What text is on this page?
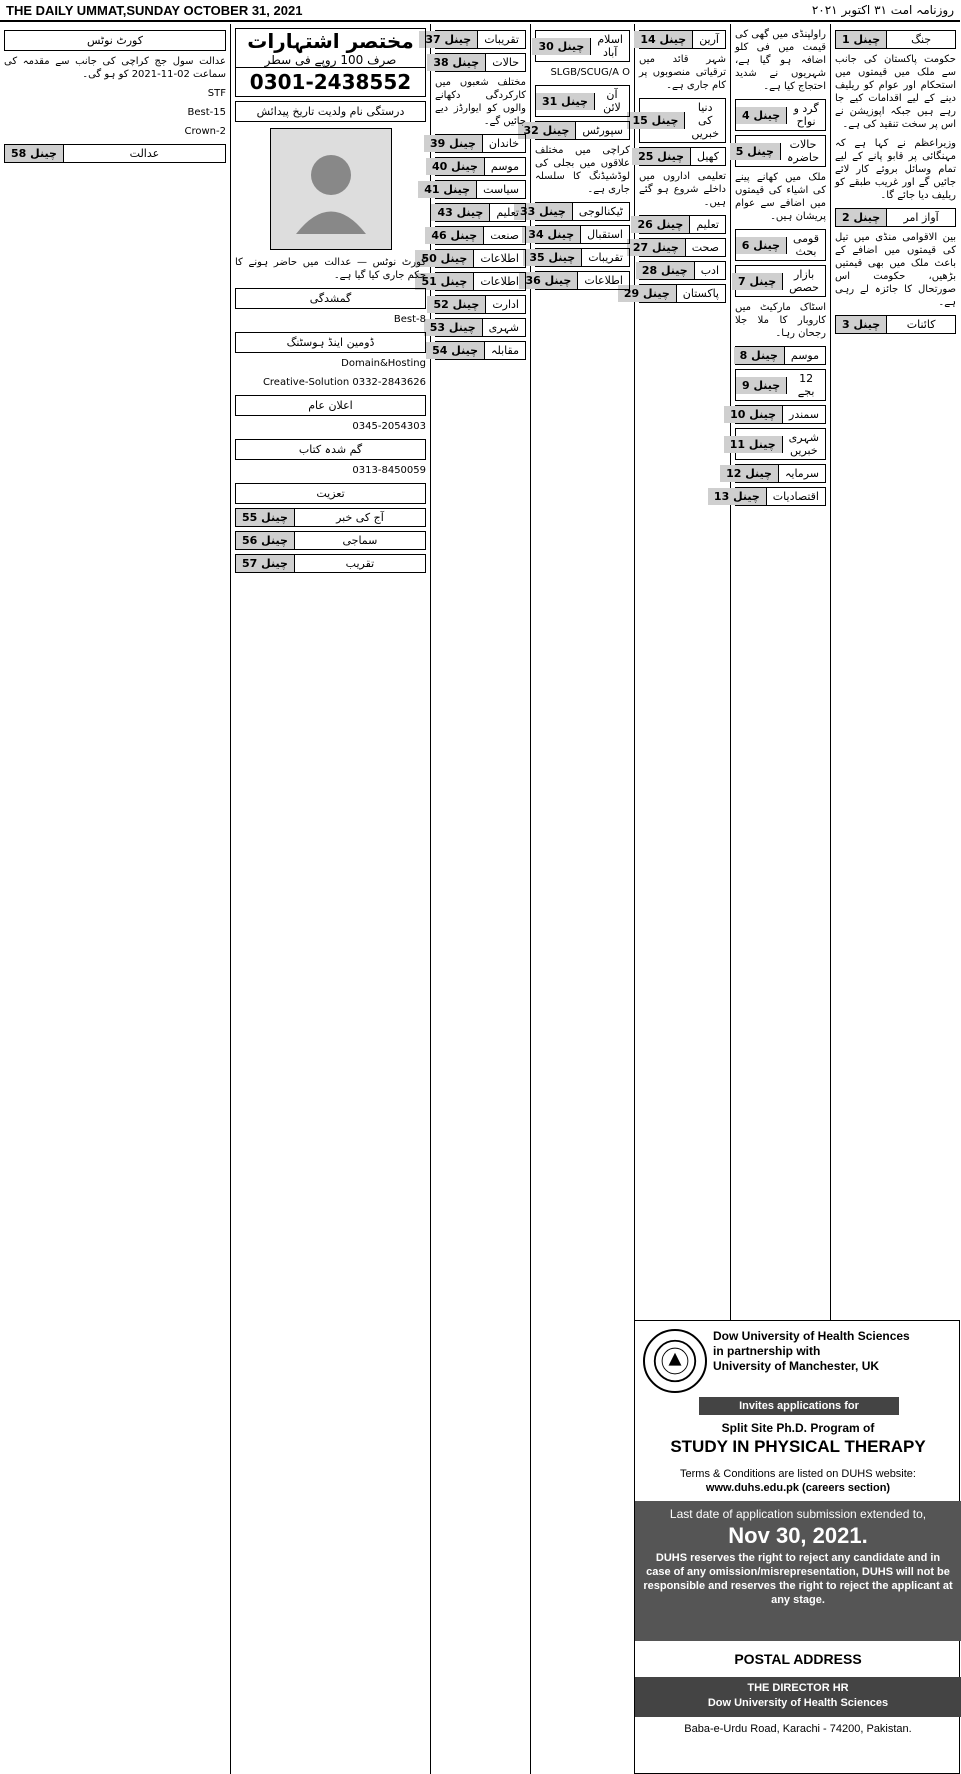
THE DAILY UMMAT,SUNDAY OCTOBER 31, 2021	روزنامہ امت ۳۱ اکتوبر ۲۰۲۱
جنگ
چینل 1

حکومت پاکستان کی جانب سے ملک میں قیمتوں میں استحکام اور عوام کو ریلیف دینے کے لیے اقدامات کیے جا رہے ہیں جبکہ اپوزیشن نے اس پر سخت تنقید کی ہے۔

وزیراعظم نے کہا ہے کہ مہنگائی پر قابو پانے کے لیے تمام وسائل بروئے کار لائے جائیں گے اور غریب طبقے کو ریلیف دیا جائے گا۔

آواز امر
چینل 2

بین الاقوامی منڈی میں تیل کی قیمتوں میں اضافے کے باعث ملک میں بھی قیمتیں بڑھیں، حکومت اس صورتحال کا جائزہ لے رہی ہے۔

کائنات
چینل 3

راولپنڈی میں گھی کی قیمت میں فی کلو اضافہ ہو گیا ہے، شہریوں نے شدید احتجاج کیا ہے۔

گرد و نواح
چینل 4
حالات حاضرہ
چینل 5

ملک میں کھانے پینے کی اشیاء کی قیمتوں میں اضافے سے عوام پریشان ہیں۔

قومی بحث
چینل 6
بازار حصص
چینل 7

اسٹاک مارکیٹ میں کاروبار کا ملا جلا رجحان رہا۔

موسم
چینل 8
12 بجے
چینل 9
سمندر
چینل 10
شہری خبریں
چینل 11
سرمایہ
چینل 12
اقتصادیات
چینل 13
آرین
چینل 14

شہر قائد میں ترقیاتی منصوبوں پر کام جاری ہے۔

دنیا کی خبریں
چینل 15
کھیل
چینل 25

تعلیمی اداروں میں داخلے شروع ہو گئے ہیں۔

تعلیم
چینل 26
صحت
چینل 27
ادب
چینل 28
پاکستان
چینل 29
اسلام آباد
چینل 30

SLGB/SCUG/A O

آن لائن
چینل 31
سپورٹس
چینل 32

کراچی میں مختلف علاقوں میں بجلی کی لوڈشیڈنگ کا سلسلہ جاری ہے۔

ٹیکنالوجی
چینل 33
استقبال
چینل 34
تقریبات
چینل 35
اطلاعات
چینل 36
تقریبات
چینل 37
حالات
چینل 38

مختلف شعبوں میں کارکردگی دکھانے والوں کو ایوارڈز دیے جائیں گے۔

خاندان
چینل 39
موسم
چینل 40
سیاست
چینل 41
تعلیم
چینل 43
صنعت
چینل 46
اطلاعات
چینل 50
اطلاعات
چینل 51
ادارت
چینل 52
شہری
چینل 53
مقابلہ
چینل 54
مختصر اشتہارات
صرف 100 روپے فی سطر
0301-2438552
درستگی نام ولدیت تاریخ پیدائش

کورٹ نوٹس — عدالت میں حاضر ہونے کا حکم جاری کیا گیا ہے۔

گمشدگی

Best-8

ڈومین اینڈ ہوسٹنگ

Domain&Hosting

0332-2843626 Creative-Solution

اعلان عام

0345-2054303

گم شدہ کتاب

0313-8450059

تعزیت
آج کی خبر
چینل 55
سماجی
چینل 56
تقریب
چینل 57
کورٹ نوٹس

عدالت سول جج کراچی کی جانب سے مقدمہ کی سماعت 02-11-2021 کو ہو گی۔

STF

Best-15

Crown-2

عدالت
چینل 58
Dow University of Health Sciences
in partnership with
University of Manchester, UK
Invites applications for
Split Site Ph.D. Program of
STUDY IN PHYSICAL THERAPY
Terms & Conditions are listed on DUHS website:
www.duhs.edu.pk (careers section)
Last date of application submission extended to,
Nov 30, 2021.
DUHS reserves the right to reject any candidate and in case of any omission/misrepresentation, DUHS will not be responsible and reserves the right to reject the applicant at any stage.
POSTAL ADDRESS
THE DIRECTOR HR
Dow University of Health Sciences
Baba-e-Urdu Road, Karachi - 74200, Pakistan.
